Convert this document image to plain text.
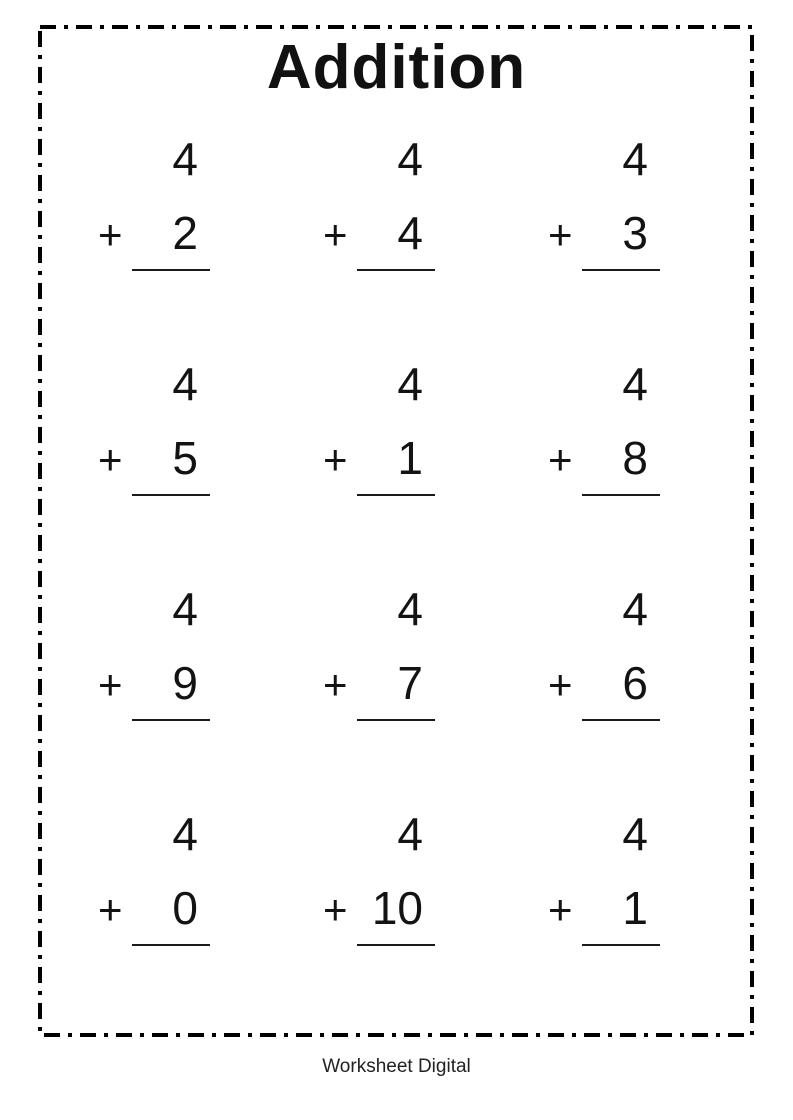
Addition
4
+ 2
4
+ 4
4
+ 3
4
+ 5
4
+ 1
4
+ 8
4
+ 9
4
+ 7
4
+ 6
4
+ 0
4
+ 10
4
+ 1
Worksheet Digital
